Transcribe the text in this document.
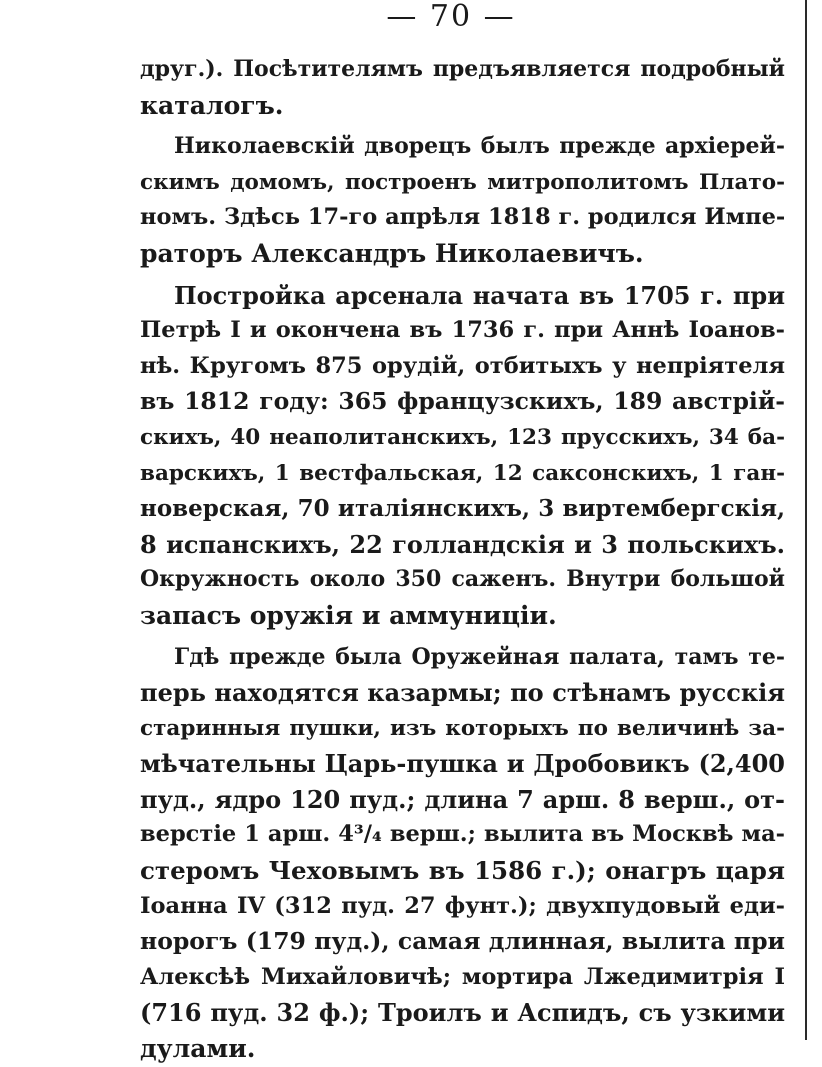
— 70 —
друг.). Посѣтителямъ предъявляется подробный
каталогъ.
Николаевскій дворецъ былъ прежде архіерей-
скимъ домомъ, построенъ митрополитомъ Плато-
номъ. Здѣсь 17-го апрѣля 1818 г. родился Импе-
раторъ Александръ Николаевичъ.
Постройка арсенала начата въ 1705 г. при
Петрѣ I и окончена въ 1736 г. при Аннѣ Іоанов-
нѣ. Кругомъ 875 орудій, отбитыхъ у непріятеля
въ 1812 году: 365 французскихъ, 189 австрій-
скихъ, 40 неаполитанскихъ, 123 прусскихъ, 34 ба-
варскихъ, 1 вестфальская, 12 саксонскихъ, 1 ган-
новерская, 70 италіянскихъ, 3 виртембергскія,
8 испанскихъ, 22 голландскія и 3 польскихъ.
Окружность около 350 саженъ. Внутри большой
запасъ оружія и аммуниціи.
Гдѣ прежде была Оружейная палата, тамъ те-
перь находятся казармы; по стѣнамъ русскія
старинныя пушки, изъ которыхъ по величинѣ за-
мѣчательны Царь-пушка и Дробовикъ (2,400
пуд., ядро 120 пуд.; длина 7 арш. 8 верш., от-
верстіе 1 арш. 4³/₄ верш.; вылита въ Москвѣ ма-
стеромъ Чеховымъ въ 1586 г.); онагръ царя
Іоанна IV (312 пуд. 27 фунт.); двухпудовый еди-
норогъ (179 пуд.), самая длинная, вылита при
Алексѣѣ Михайловичѣ; мортира Лжедимитрія I
(716 пуд. 32 ф.); Троилъ и Аспидъ, съ узкими
дулами.
